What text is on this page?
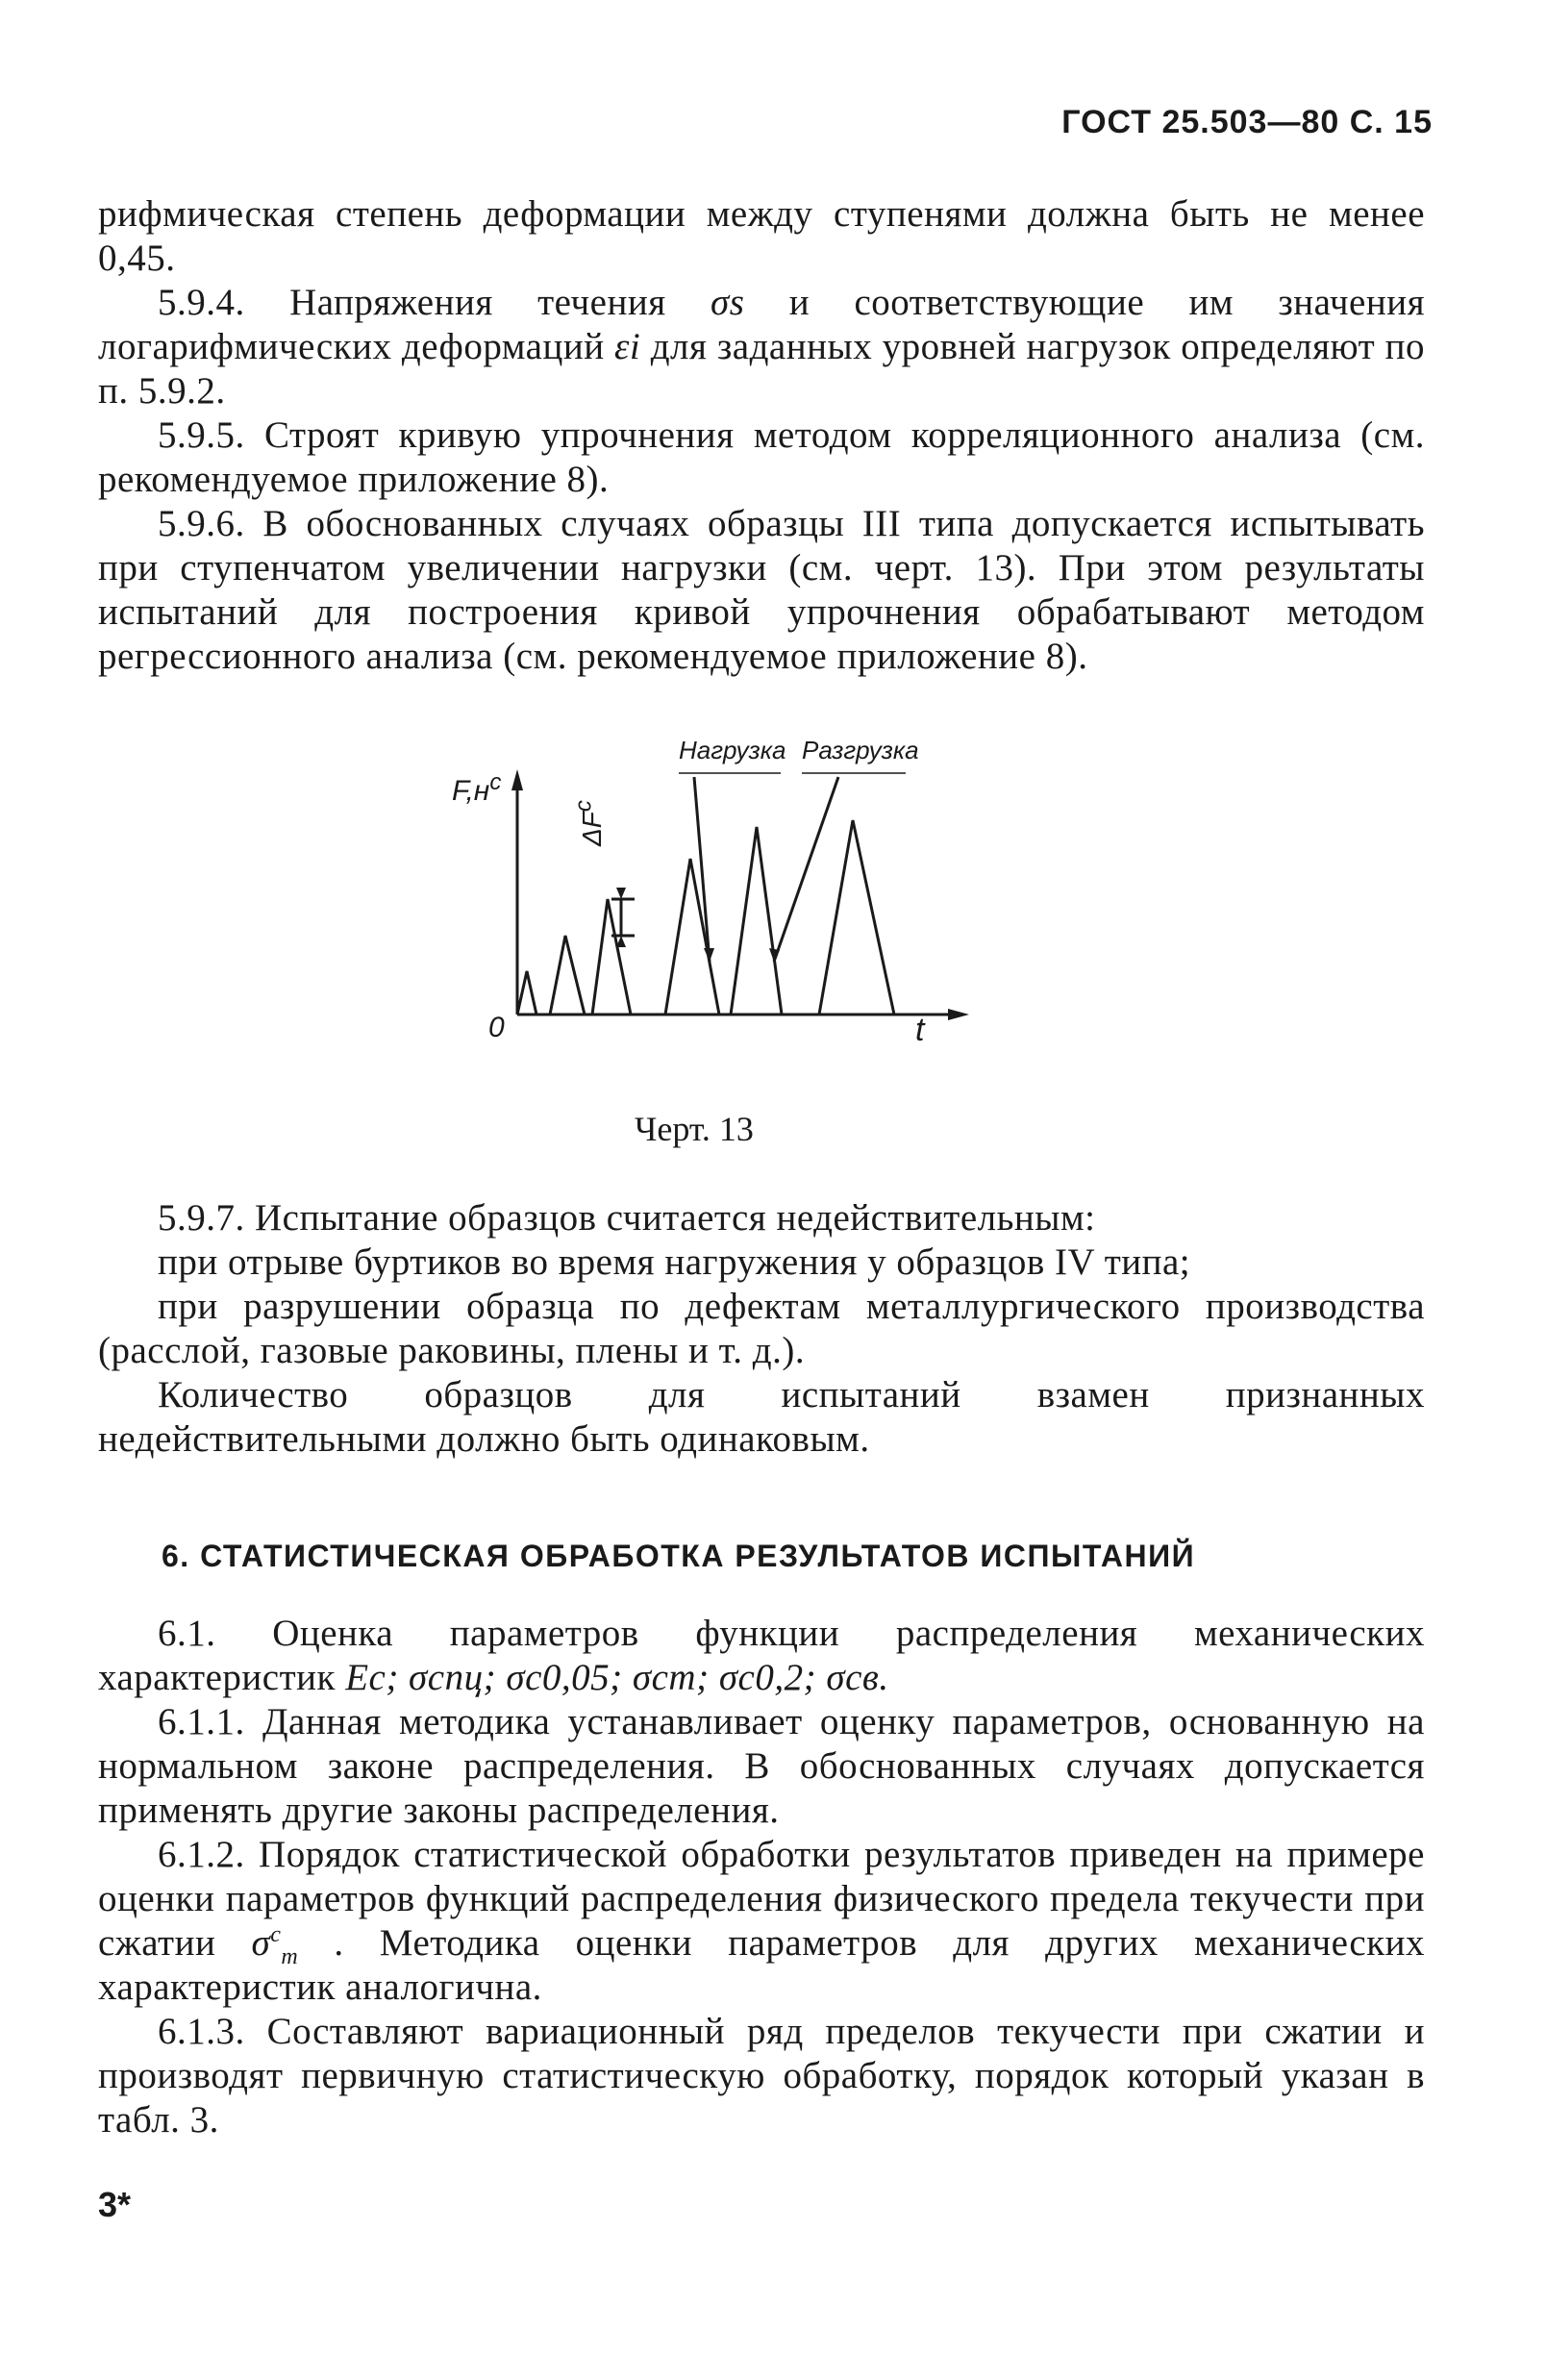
ГОСТ 25.503—80 С. 15
рифмическая степень деформации между ступенями должна быть не менее 0,45.
5.9.4. Напряжения течения σs и соответствующие им значения логарифмических деформаций εi для заданных уровней нагрузок определяют по п. 5.9.2.
5.9.5. Строят кривую упрочнения методом корреляционного анализа (см. рекомендуемое приложение 8).
5.9.6. В обоснованных случаях образцы III типа допускается испытывать при ступенчатом увеличении нагрузки (см. черт. 13). При этом результаты испытаний для построения кривой упрочнения обрабатывают методом регрессионного анализа (см. рекомендуемое приложение 8).
Нагрузка Разгрузка
$F,н^c$
$\Delta F^c$
0	t
Черт. 13
5.9.7. Испытание образцов считается недействительным:
при отрыве буртиков во время нагружения у образцов IV типа;
при разрушении образца по дефектам металлургического производства (расслой, газовые раковины, плены и т. д.).
Количество образцов для испытаний взамен признанных недействительными должно быть одинаковым.
6. СТАТИСТИЧЕСКАЯ ОБРАБОТКА РЕЗУЛЬТАТОВ ИСПЫТАНИЙ
6.1. Оценка параметров функции распределения механических характеристик Eс; σсnц; σс0,05; σст; σс0,2; σсв.
6.1.1. Данная методика устанавливает оценку параметров, основанную на нормальном законе распределения. В обоснованных случаях допускается применять другие законы распределения.
6.1.2. Порядок статистической обработки результатов приведен на примере оценки параметров функций распределения физического предела текучести при сжатии $\sigma^c_т$ . Методика оценки параметров для других механических характеристик аналогична.
6.1.3. Составляют вариационный ряд пределов текучести при сжатии и производят первичную статистическую обработку, порядок который указан в табл. 3.
3*
